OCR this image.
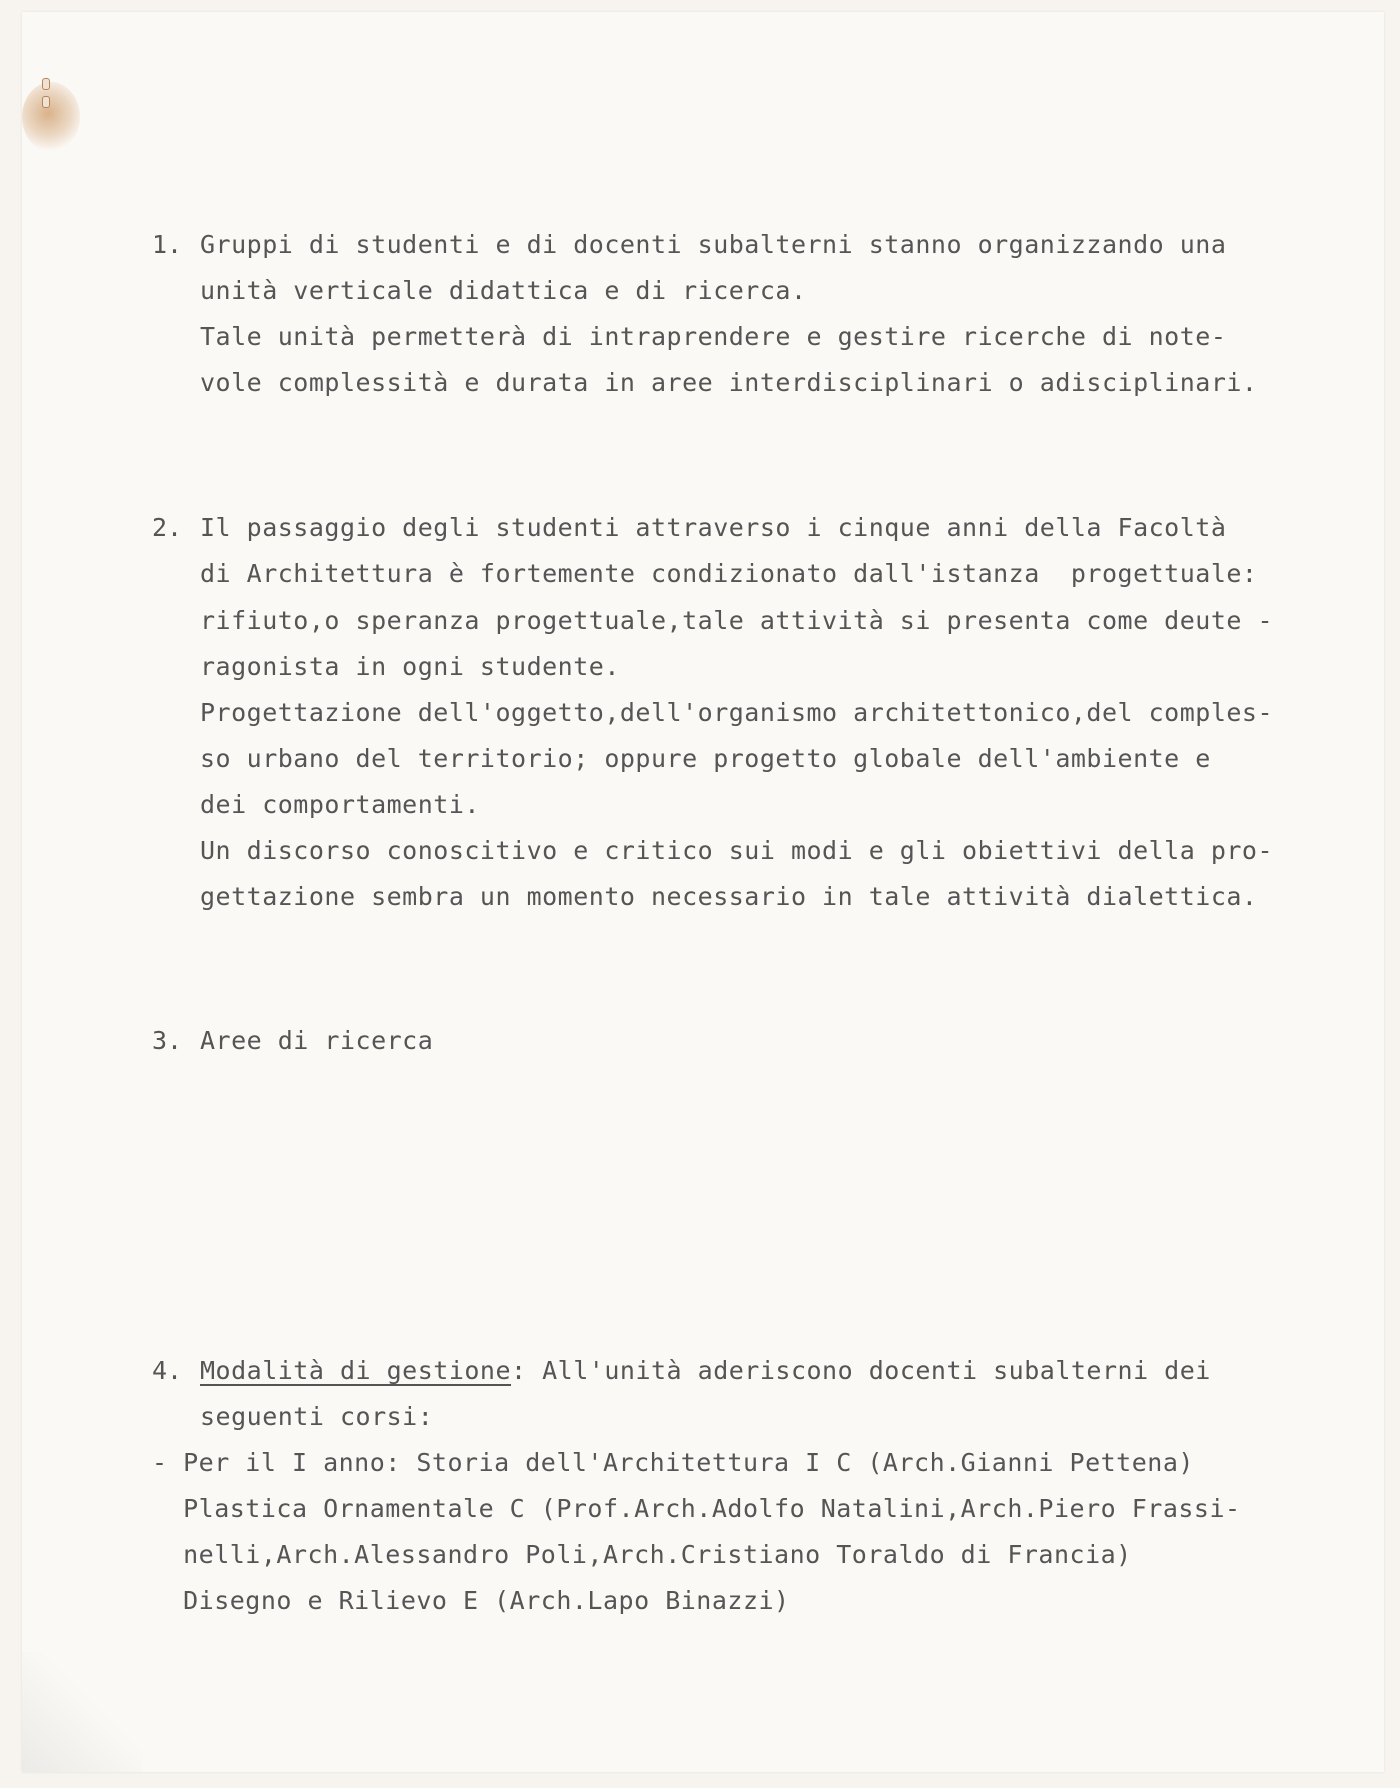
1. Gruppi di studenti e di docenti subalterni stanno organizzando una
unità verticale didattica e di ricerca.
Tale unità permetterà di intraprendere e gestire ricerche di note-
vole complessità e durata in aree interdisciplinari o adisciplinari.
2. Il passaggio degli studenti attraverso i cinque anni della Facoltà
di Architettura è fortemente condizionato dall'istanza  progettuale:
rifiuto,o speranza progettuale,tale attività si presenta come deute -
ragonista in ogni studente.
Progettazione dell'oggetto,dell'organismo architettonico,del comples-
so urbano del territorio; oppure progetto globale dell'ambiente e
dei comportamenti.
Un discorso conoscitivo e critico sui modi e gli obiettivi della pro-
gettazione sembra un momento necessario in tale attività dialettica.
3. Aree di ricerca
4. Modalità di gestione: All'unità aderiscono docenti subalterni dei
seguenti corsi:
- Per il I anno: Storia dell'Architettura I C (Arch.Gianni Pettena)
Plastica Ornamentale C (Prof.Arch.Adolfo Natalini,Arch.Piero Frassi-
nelli,Arch.Alessandro Poli,Arch.Cristiano Toraldo di Francia)
Disegno e Rilievo E (Arch.Lapo Binazzi)
